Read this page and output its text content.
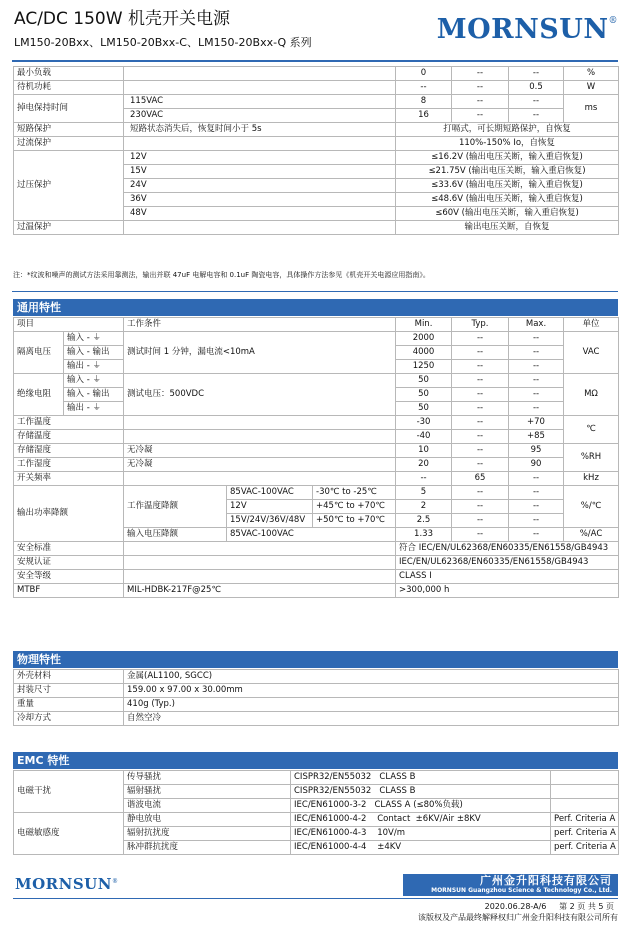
AC/DC 150W 机壳开关电源
LM150-20Bxx、LM150-20Bxx-C、LM150-20Bxx-Q 系列	MORNSUN®
最小负载		0	--	--	%
待机功耗		--	--	0.5	W
掉电保持时间	115VAC	8	--	--	ms
	230VAC	16	--	--	
短路保护	短路状态消失后，恢复时间小于 5s	打嗝式，可长期短路保护，自恢复			
过流保护		110%-150% Io，自恢复			
过压保护	12V	≤16.2V (输出电压关断，输入重启恢复)			
	15V	≤21.75V (输出电压关断，输入重启恢复)			
	24V	≤33.6V (输出电压关断，输入重启恢复)			
	36V	≤48.6V (输出电压关断，输入重启恢复)			
	48V	≤60V (输出电压关断，输入重启恢复)			
过温保护		输出电压关断，自恢复			
注：*纹波和噪声的测试方法采用靠测法，输出并联 47uF 电解电容和 0.1uF 陶瓷电容，具体操作方法参见《机壳开关电源应用指南》。
通用特性
项目		工作条件			Min.	Typ.	Max.	单位
隔离电压	输入 - ⏚	测试时间 1 分钟，漏电流<10mA			2000	--	--	VAC
	输入 - 输出				4000	--	--	
	输出 - ⏚				1250	--	--	
绝缘电阻	输入 - ⏚	测试电压：500VDC			50	--	--	MΩ
	输入 - 输出				50	--	--	
	输出 - ⏚				50	--	--	
工作温度					-30	--	+70	℃
存储温度					-40	--	+85	
存储湿度		无冷凝			10	--	95	%RH
工作湿度		无冷凝			20	--	90	
开关频率					--	65	--	kHz
输出功率降额		工作温度降额	85VAC-100VAC	-30℃ to -25℃	5	--	--	%/℃
			12V	+45℃ to +70℃	2	--	--	
			15V/24V/36V/48V	+50℃ to +70℃	2.5	--	--	
		输入电压降额	85VAC-100VAC		1.33	--	--	%/AC
安全标准					符合 IEC/EN/UL62368/EN60335/EN61558/GB4943			
安规认证					IEC/EN/UL62368/EN60335/EN61558/GB4943			
安全等级					CLASS I			
MTBF		MIL-HDBK-217F@25℃			>300,000 h			
物理特性
外壳材料	金属(AL1100, SGCC)
封装尺寸	159.00 x 97.00 x 30.00mm
重量	410g (Typ.)
冷却方式	自然空冷
EMC 特性
电磁干扰	传导骚扰	CISPR32/EN55032   CLASS B	
	辐射骚扰	CISPR32/EN55032   CLASS B	
	谐波电流	IEC/EN61000-3-2   CLASS A (≤80%负载)	
电磁敏感度	静电放电	IEC/EN61000-4-2    Contact  ±6KV/Air ±8KV	Perf. Criteria A
	辐射抗扰度	IEC/EN61000-4-3    10V/m	perf. Criteria A
	脉冲群抗扰度	IEC/EN61000-4-4    ±4KV	perf. Criteria A
MORNSUN®	广州金升阳科技有限公司
MORNSUN Guangzhou Science & Technology Co., Ltd.
2020.06.28-A/6     第 2 页 共 5 页
该版权及产品最终解释权归广州金升阳科技有限公司所有
